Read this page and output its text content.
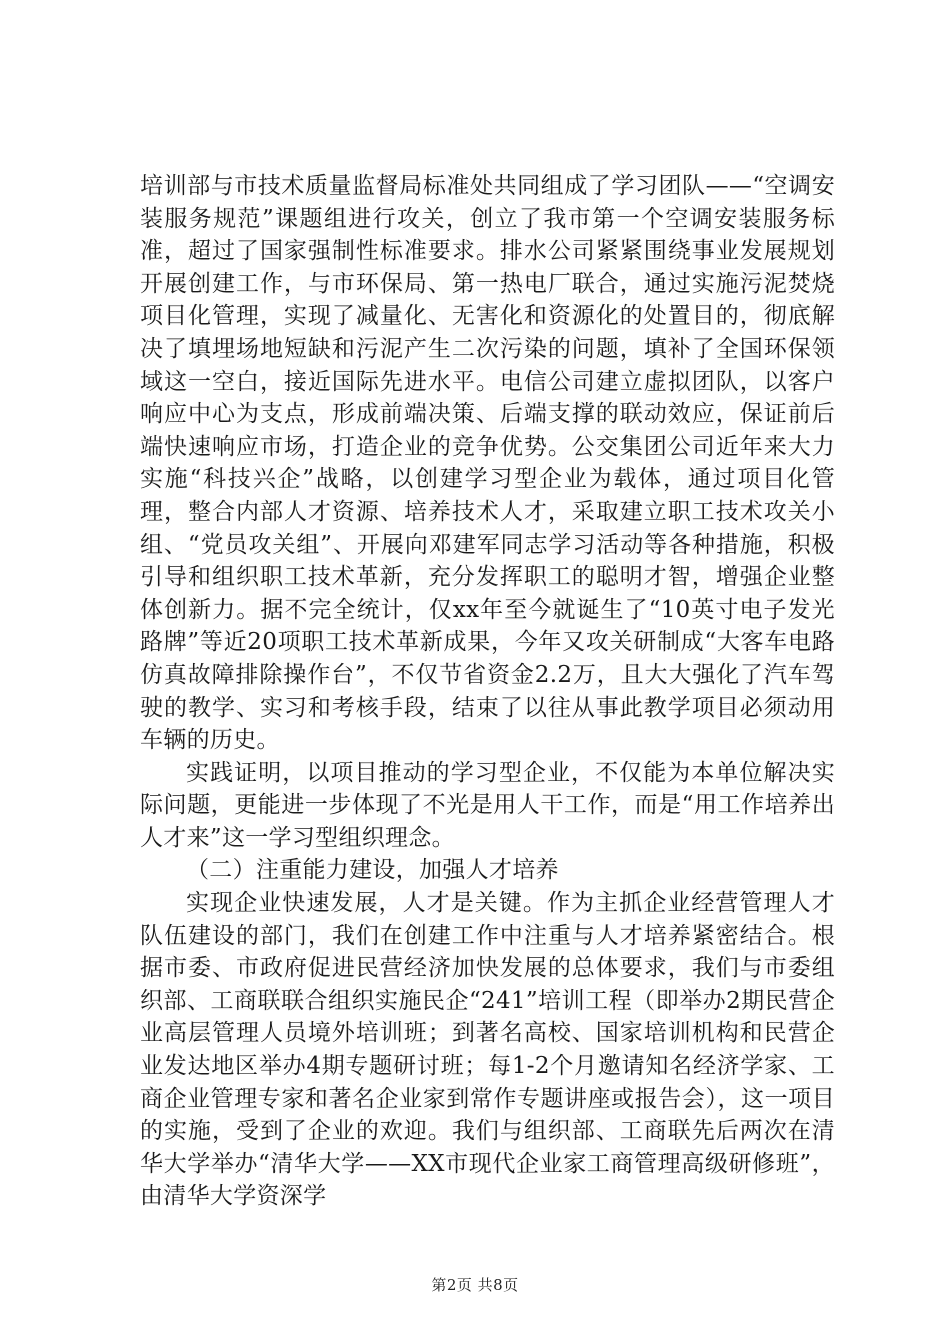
培训部与市技术质量监督局标准处共同组成了学习团队——“空调安装服务规范”课题组进行攻关，创立了我市第一个空调安装服务标准，超过了国家强制性标准要求。排水公司紧紧围绕事业发展规划开展创建工作，与市环保局、第一热电厂联合，通过实施污泥焚烧项目化管理，实现了减量化、无害化和资源化的处置目的，彻底解决了填埋场地短缺和污泥产生二次污染的问题，填补了全国环保领域这一空白，接近国际先进水平。电信公司建立虚拟团队，以客户响应中心为支点，形成前端决策、后端支撑的联动效应，保证前后端快速响应市场，打造企业的竞争优势。公交集团公司近年来大力实施“科技兴企”战略，以创建学习型企业为载体，通过项目化管理，整合内部人才资源、培养技术人才，采取建立职工技术攻关小组、“党员攻关组”、开展向邓建军同志学习活动等各种措施，积极引导和组织职工技术革新，充分发挥职工的聪明才智，增强企业整体创新力。据不完全统计，仅xx年至今就诞生了“10英寸电子发光路牌”等近20项职工技术革新成果，今年又攻关研制成“大客车电路仿真故障排除操作台”，不仅节省资金2.2万，且大大强化了汽车驾驶的教学、实习和考核手段，结束了以往从事此教学项目必须动用车辆的历史。

实践证明，以项目推动的学习型企业，不仅能为本单位解决实际问题，更能进一步体现了不光是用人干工作，而是“用工作培养出人才来”这一学习型组织理念。

（二）注重能力建设，加强人才培养

实现企业快速发展，人才是关键。作为主抓企业经营管理人才队伍建设的部门，我们在创建工作中注重与人才培养紧密结合。根据市委、市政府促进民营经济加快发展的总体要求，我们与市委组织部、工商联联合组织实施民企“241”培训工程（即举办2期民营企业高层管理人员境外培训班；到著名高校、国家培训机构和民营企业发达地区举办4期专题研讨班；每1-2个月邀请知名经济学家、工商企业管理专家和著名企业家到常作专题讲座或报告会），这一项目的实施，受到了企业的欢迎。我们与组织部、工商联先后两次在清华大学举办“清华大学——XX市现代企业家工商管理高级研修班”，由清华大学资深学

第2页 共8页
